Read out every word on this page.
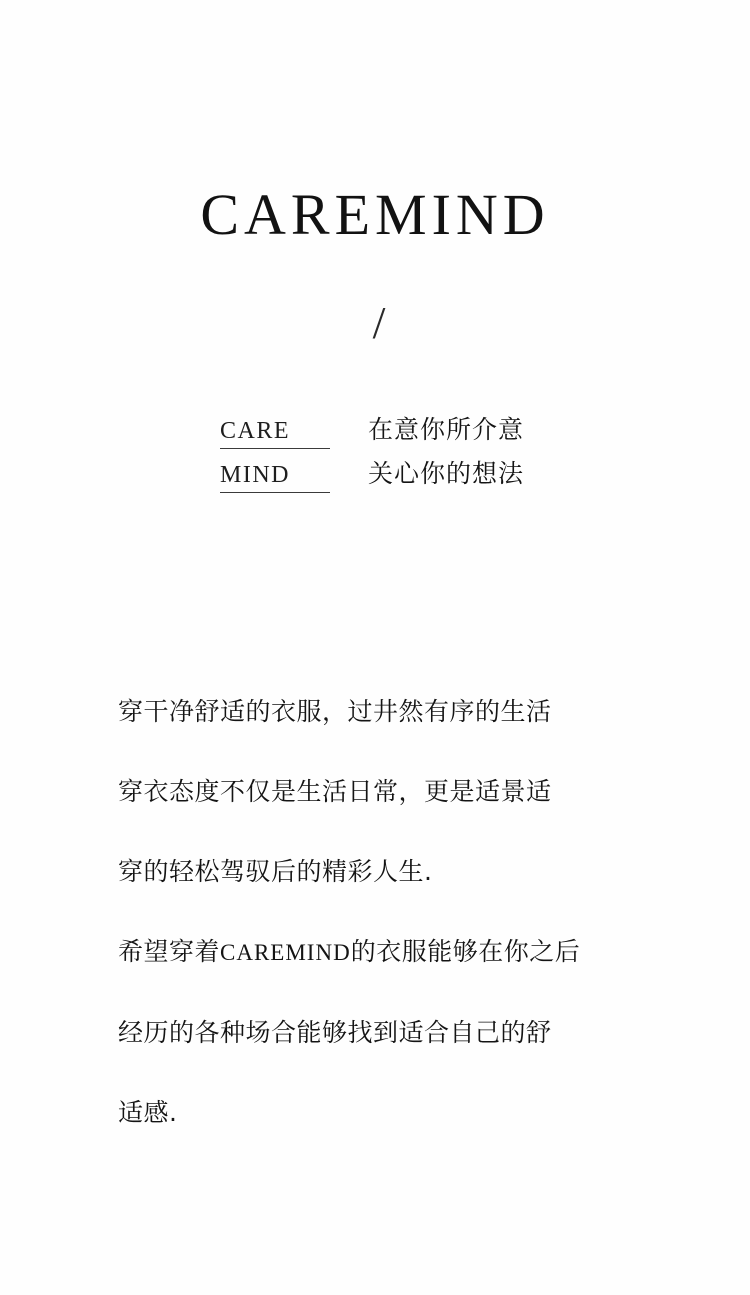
CAREMIND
/
CARE	在意你所介意
MIND	关心你的想法
穿干净舒适的衣服，过井然有序的生活
穿衣态度不仅是生活日常，更是适景适
穿的轻松驾驭后的精彩人生.
希望穿着CAREMIND的衣服能够在你之后
经历的各种场合能够找到适合自己的舒
适感.
